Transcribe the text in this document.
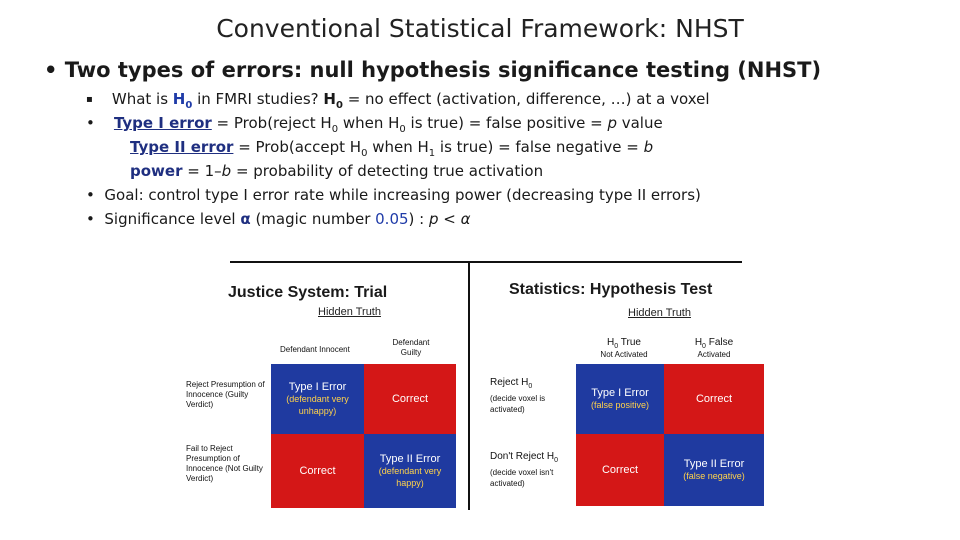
Conventional Statistical Framework: NHST
• Two types of errors: null hypothesis significance testing (NHST)
▪ What is $H_0$ in FMRI studies? $H_0$ = no effect (activation, difference, …) at a voxel
• Type I error = Prob(reject $H_0$ when $H_0$ is true) = false positive = p value
Type II error = Prob(accept $H_0$ when $H_1$ is true) = false negative = b
power = 1–b = probability of detecting true activation
• Goal: control type I error rate while increasing power (decreasing type II errors)
• Significance level α (magic number 0.05) : p < α
Justice System: Trial
Hidden Truth
Defendant Innocent
Defendant Guilty
Reject Presumption of Innocence (Guilty Verdict)
Fail to Reject Presumption of Innocence (Not Guilty Verdict)
Type I Error
(defendant very unhappy)
Correct
Correct
Type II Error
(defendant very happy)
Statistics: Hypothesis Test
Hidden Truth
$H_0$ True
Not Activated
$H_0$ False
Activated
Reject $H_0$
(decide voxel is activated)
Don't Reject $H_0$
(decide voxel isn't activated)
Type I Error
(false positive)	Correct
Correct	Type II Error
(false negative)
